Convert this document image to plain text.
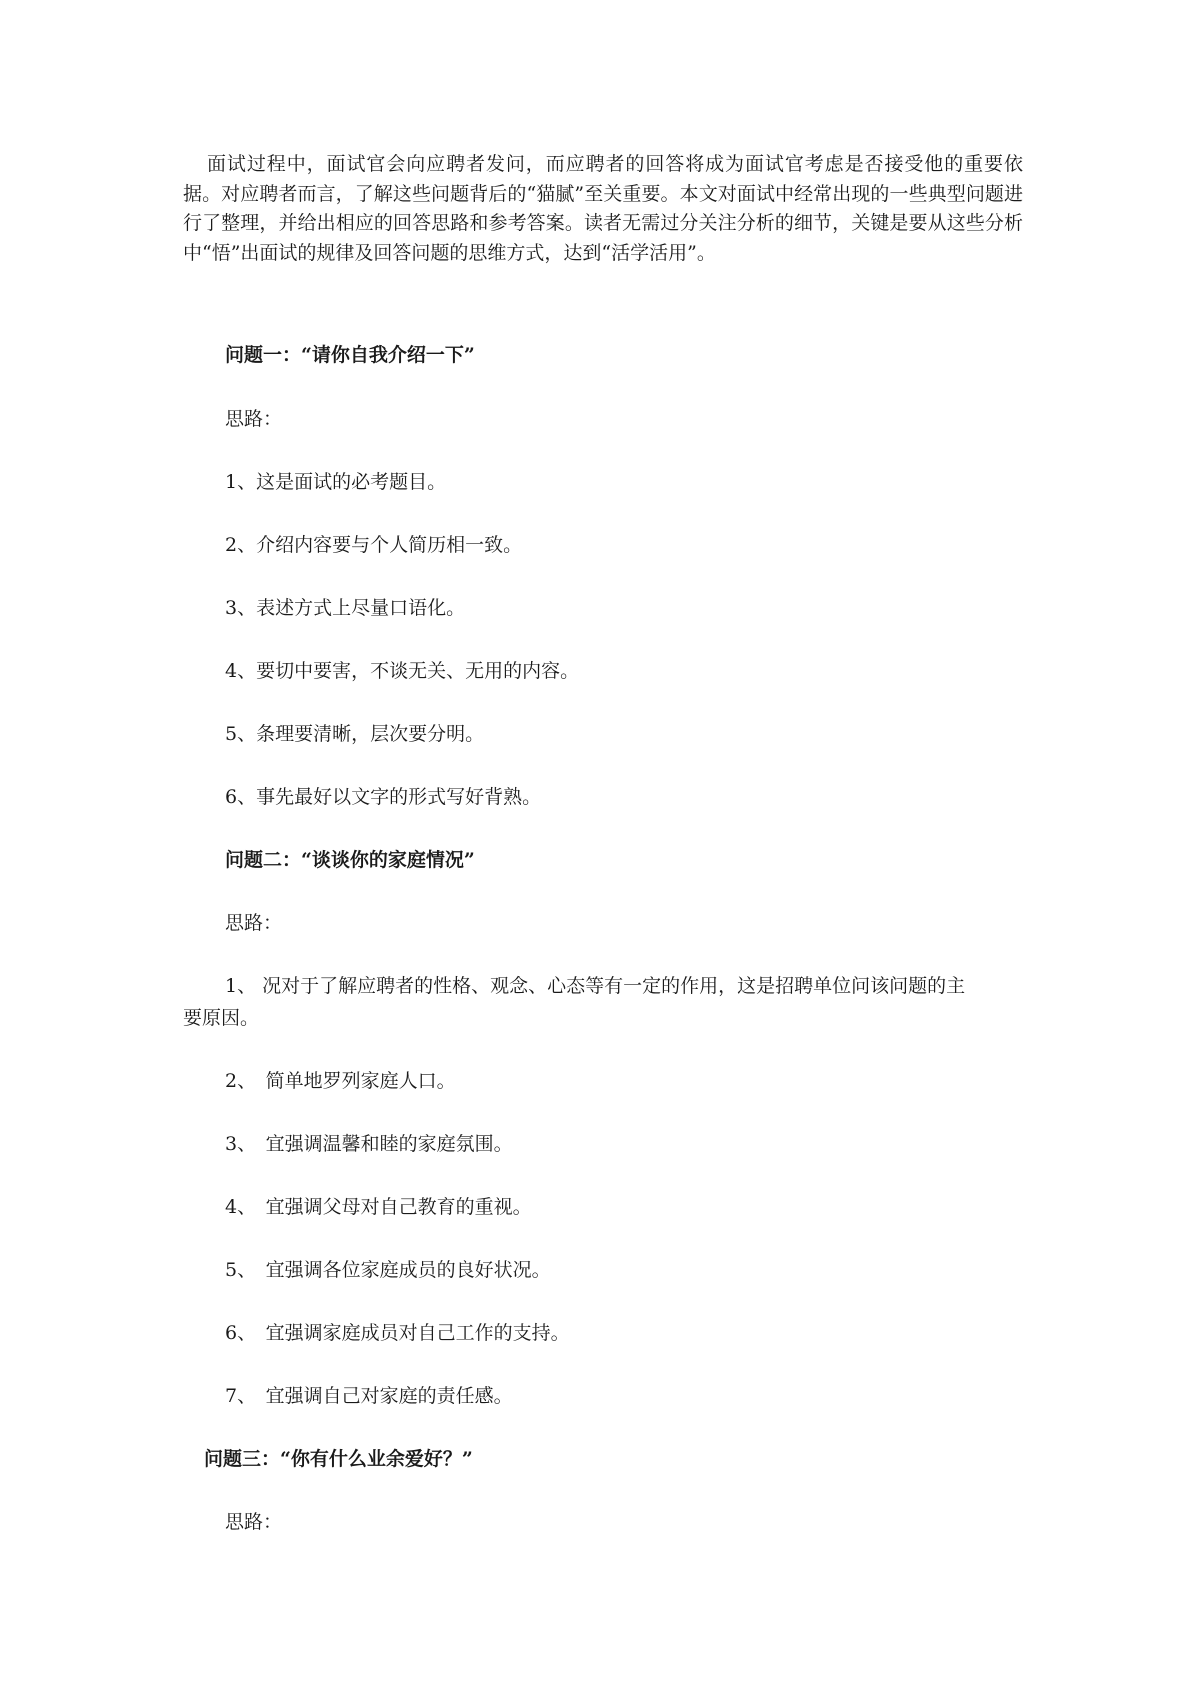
面试过程中，面试官会向应聘者发问，而应聘者的回答将成为面试官考虑是否接受他的重要依据。对应聘者而言，了解这些问题背后的“猫腻”至关重要。本文对面试中经常出现的一些典型问题进行了整理，并给出相应的回答思路和参考答案。读者无需过分关注分析的细节，关键是要从这些分析中“悟”出面试的规律及回答问题的思维方式，达到“活学活用”。

问题一：“请你自我介绍一下”

思路：

1、这是面试的必考题目。

2、介绍内容要与个人简历相一致。

3、表述方式上尽量口语化。

4、要切中要害，不谈无关、无用的内容。

5、条理要清晰，层次要分明。

6、事先最好以文字的形式写好背熟。

问题二：“谈谈你的家庭情况”

思路：

1、 况对于了解应聘者的性格、观念、心态等有一定的作用，这是招聘单位问该问题的主

要原因。

2、　简单地罗列家庭人口。

3、　宜强调温馨和睦的家庭氛围。

4、　宜强调父母对自己教育的重视。

5、　宜强调各位家庭成员的良好状况。

6、　宜强调家庭成员对自己工作的支持。

7、　宜强调自己对家庭的责任感。

问题三：“你有什么业余爱好？”

思路：
